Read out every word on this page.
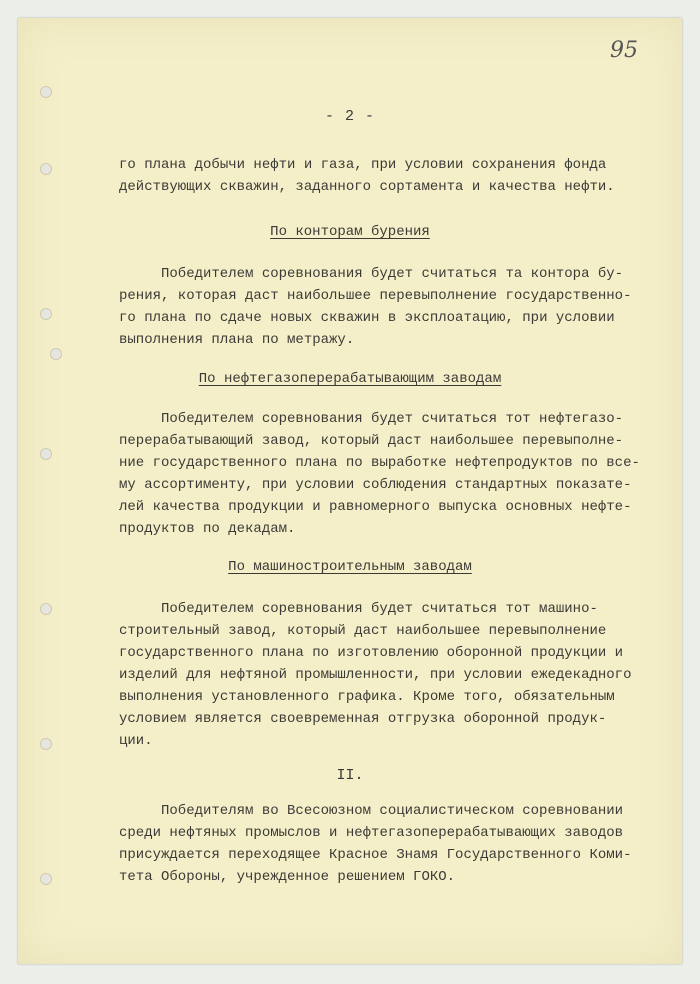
95
- 2 -
го плана добычи нефти и газа, при условии сохранения фонда
действующих скважин, заданного сортамента и качества нефти.
По конторам бурения
Победителем соревнования будет считаться та контора бу-
рения, которая даст наибольшее перевыполнение государственно-
го плана по сдаче новых скважин в эксплоатацию, при условии
выполнения плана по метражу.
По нефтегазоперерабатывающим заводам
Победителем соревнования будет считаться тот нефтегазо-
перерабатывающий завод, который даст наибольшее перевыполне-
ние государственного плана по выработке нефтепродуктов по все-
му ассортименту, при условии соблюдения стандартных показате-
лей качества продукции и равномерного выпуска основных нефте-
продуктов по декадам.
По машиностроительным заводам
Победителем соревнования будет считаться тот машино-
строительный завод, который даст наибольшее перевыполнение
государственного плана по изготовлению оборонной продукции и
изделий для нефтяной промышленности, при условии ежедекадного
выполнения установленного графика. Кроме того, обязательным
условием является своевременная отгрузка оборонной продук-
ции.
II.
Победителям во Всесоюзном социалистическом соревновании
среди нефтяных промыслов и нефтегазоперерабатывающих заводов
присуждается переходящее Красное Знамя Государственного Коми-
тета Обороны, учрежденное решением ГОКО.
